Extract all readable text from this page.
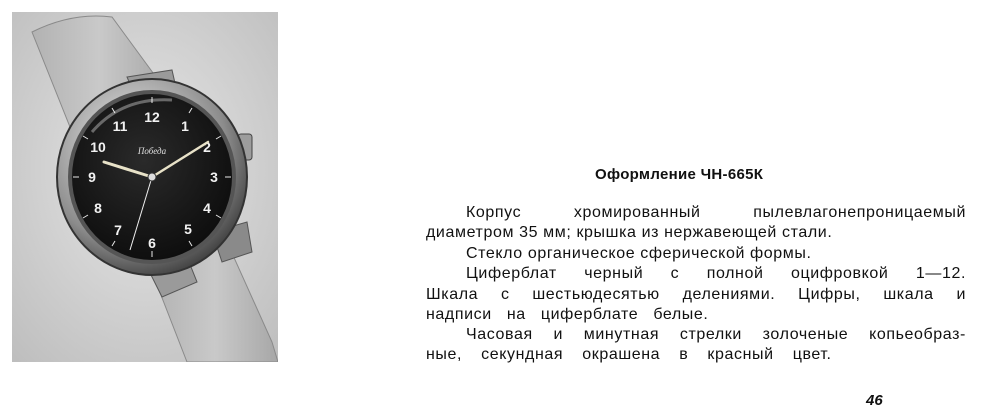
12
1
2
3
4
5
6
7
8
9
10
11
Победа
Оформление ЧН-665К

Корпус хромированный пылевлагонепроницаемый

диаметром 35 мм; крышка из нержавеющей стали.

Стекло органическое сферической формы.

Циферблат черный с полной оцифровкой 1—12.

Шкала с шестьюдесятью делениями. Цифры, шкала и

надписи на циферблате белые.

Часовая и минутная стрелки золоченые копьеобраз-

ные, секундная окрашена в красный цвет.

46
